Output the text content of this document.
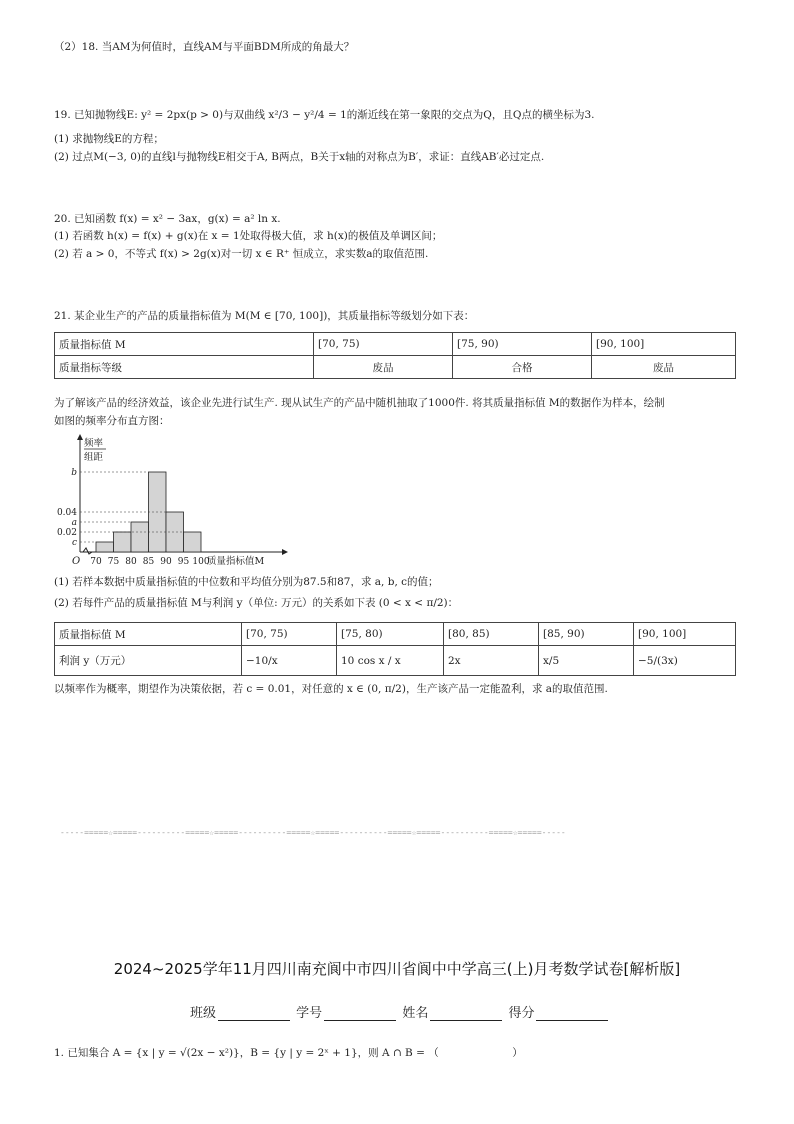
（2）18. 当AM为何值时，直线AM与平面BDM所成的角最大？
19. 已知抛物线E: y² = 2px(p > 0)与双曲线 x²/3 − y²/4 = 1的渐近线在第一象限的交点为Q，且Q点的横坐标为3.
(1) 求抛物线E的方程；
(2) 过点M(−3, 0)的直线l与抛物线E相交于A, B两点，B关于x轴的对称点为B′，求证：直线AB′必过定点.
20. 已知函数 f(x) = x² − 3ax，g(x) = a² ln x.
(1) 若函数 h(x) = f(x) + g(x)在 x = 1处取得极大值，求 h(x)的极值及单调区间；
(2) 若 a > 0，不等式 f(x) > 2g(x)对一切 x ∈ R⁺ 恒成立，求实数a的取值范围.
21. 某企业生产的产品的质量指标值为 M(M ∈ [70, 100])，其质量指标等级划分如下表：
质量指标值 M	[70, 75)	[75, 90)	[90, 100]
质量指标等级	废品	合格	废品
为了解该产品的经济效益，该企业先进行试生产. 现从试生产的产品中随机抽取了1000件. 将其质量指标值 M的数据作为样本，绘制
如图的频率分布直方图：
b
0.04
a
0.02
c
70 75 80 85 90 95 100
O	质量指标值M
频率
组距
(1) 若样本数据中质量指标值的中位数和平均值分别为87.5和87，求 a, b, c的值；
(2) 若每件产品的质量指标值 M与利润 y（单位: 万元）的关系如下表 (0 < x < π/2)：
质量指标值 M	[70, 75)	[75, 80)	[80, 85)	[85, 90)	[90, 100]
利润 y（万元）	−10/x	10 cos x / x	2x	x/5	−5/(3x)
以频率作为概率，期望作为决策依据，若 c = 0.01，对任意的 x ∈ (0, π/2)，生产该产品一定能盈利，求 a的取值范围.
-----=====☆=====----------=====☆=====----------=====☆=====----------=====☆=====----------=====☆=====-----
2024~2025学年11月四川南充阆中市四川省阆中中学高三(上)月考数学试卷[解析版]
班级	学号	姓名	得分
1. 已知集合 A = {x | y = √(2x − x²)}，B = {y | y = 2ˣ + 1}，则 A ∩ B = （　　　　　　　）
